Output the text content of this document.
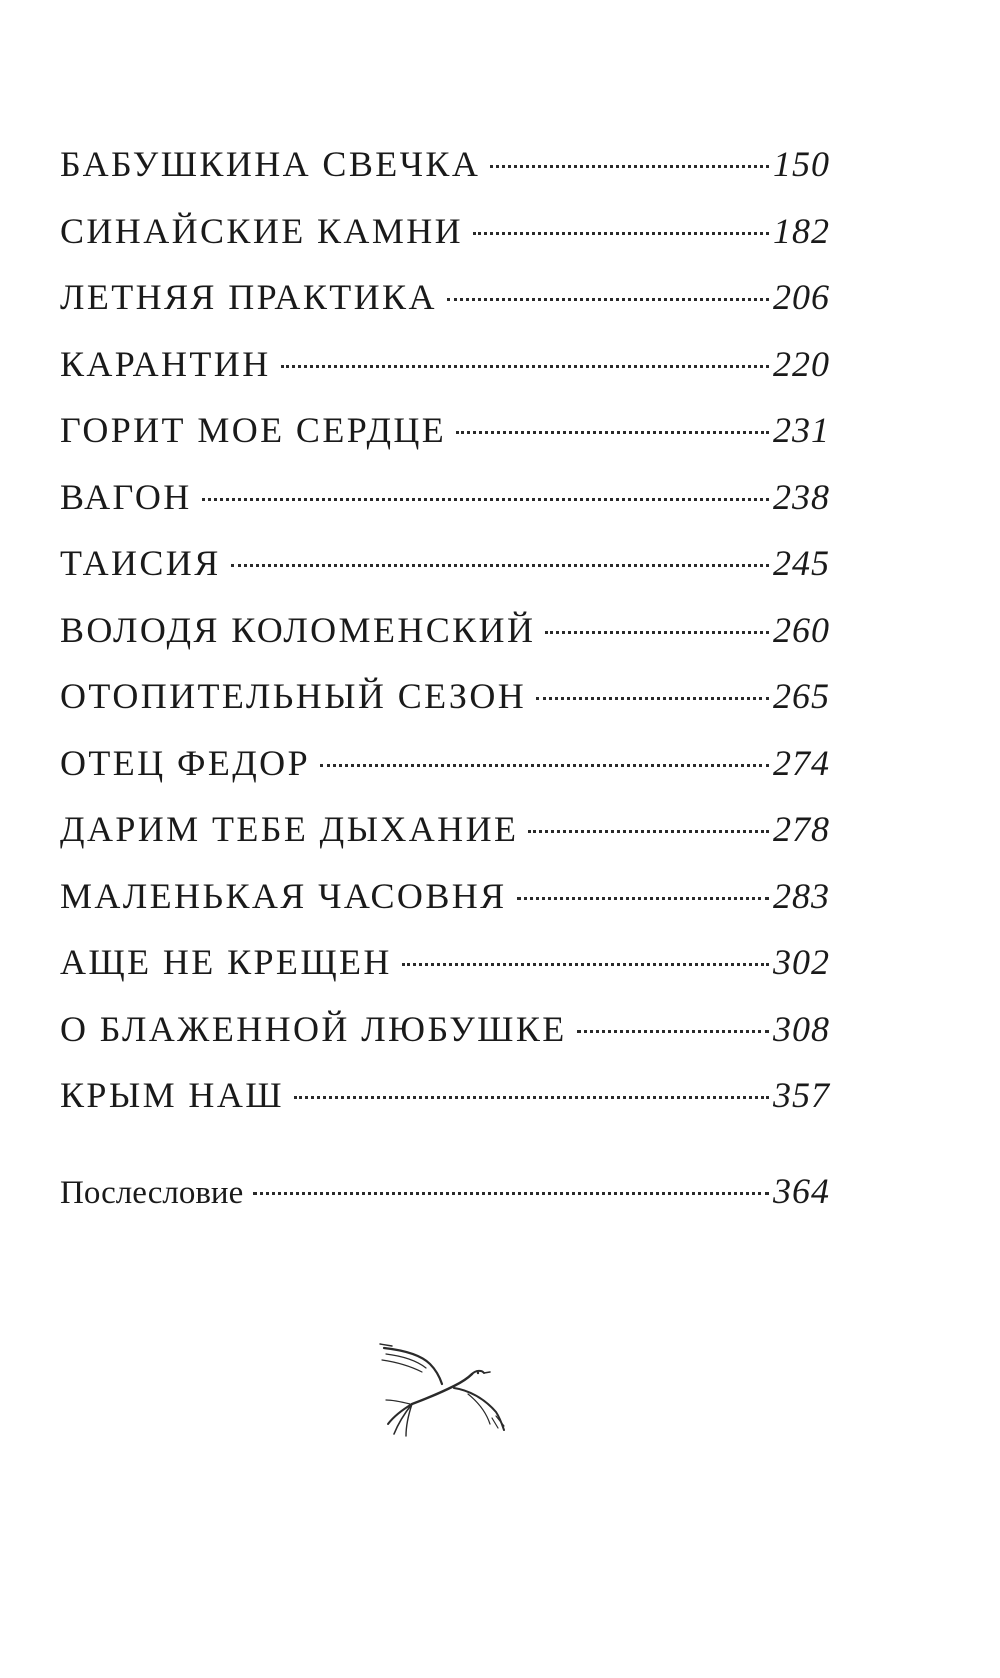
БАБУШКИНА СВЕЧКА	150
СИНАЙСКИЕ КАМНИ	182
ЛЕТНЯЯ ПРАКТИКА	206
КАРАНТИН	220
ГОРИТ МОЕ СЕРДЦЕ	231
ВАГОН	238
ТАИСИЯ	245
ВОЛОДЯ КОЛОМЕНСКИЙ	260
ОТОПИТЕЛЬНЫЙ СЕЗОН	265
ОТЕЦ ФЕДОР	274
ДАРИМ ТЕБЕ ДЫХАНИЕ	278
МАЛЕНЬКАЯ ЧАСОВНЯ	283
АЩЕ НЕ КРЕЩЕН	302
О БЛАЖЕННОЙ ЛЮБУШКЕ	308
КРЫМ НАШ	357
Послесловие	364
